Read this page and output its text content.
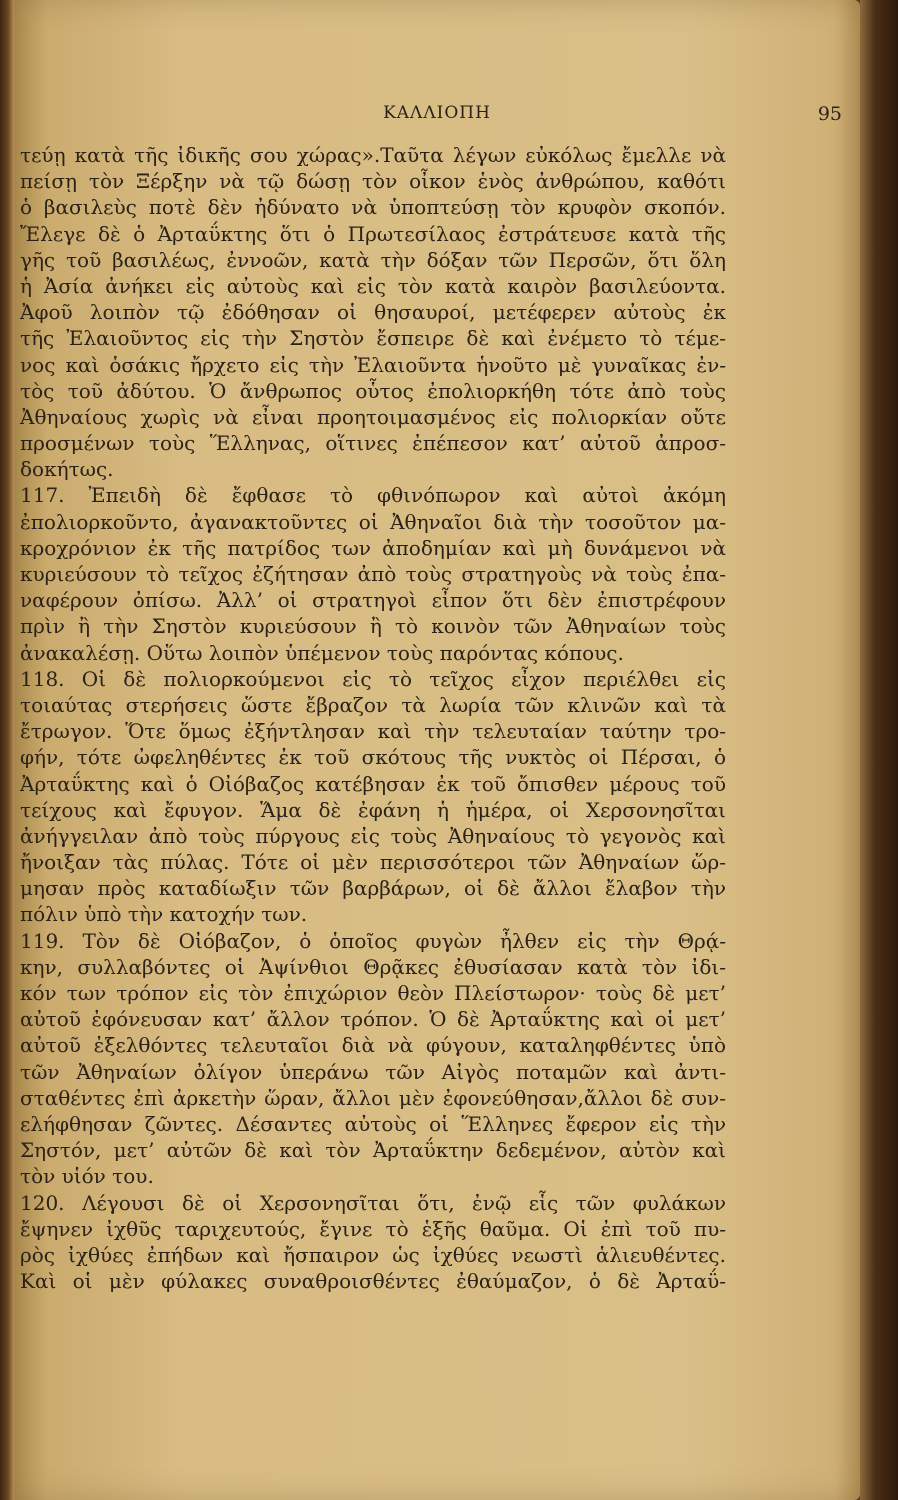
ΚΑΛΛΙΟΠΗ	95
τεύῃ κατὰ τῆς ἰδικῆς σου χώρας».Ταῦτα λέγων εὐκόλως ἔμελλε νὰ
πείσῃ τὸν Ξέρξην νὰ τῷ δώσῃ τὸν οἶκον ἑνὸς ἀνθρώπου, καθότι
ὁ βασιλεὺς ποτὲ δὲν ἠδύνατο νὰ ὑποπτεύσῃ τὸν κρυφὸν σκοπόν.
Ἔλεγε δὲ ὁ Ἀρταΰκτης ὅτι ὁ Πρωτεσίλαος ἐστράτευσε κατὰ τῆς
γῆς τοῦ βασιλέως, ἐννοῶν, κατὰ τὴν δόξαν τῶν Περσῶν, ὅτι ὅλη
ἡ Ἀσία ἀνήκει εἰς αὐτοὺς καὶ εἰς τὸν κατὰ καιρὸν βασιλεύοντα.
Ἀφοῦ λοιπὸν τῷ ἐδόθησαν οἱ θησαυροί, μετέφερεν αὐτοὺς ἐκ
τῆς Ἐλαιοῦντος εἰς τὴν Σηστὸν ἔσπειρε δὲ καὶ ἐνέμετο τὸ τέμε-
νος καὶ ὁσάκις ἤρχετο εἰς τὴν Ἐλαιοῦντα ἡνοῦτο μὲ γυναῖκας ἐν-
τὸς τοῦ ἀδύτου. Ὁ ἄνθρωπος οὗτος ἐπολιορκήθη τότε ἀπὸ τοὺς
Ἀθηναίους χωρὶς νὰ εἶναι προητοιμασμένος εἰς πολιορκίαν οὔτε
προσμένων τοὺς Ἕλληνας, οἵτινες ἐπέπεσον κατ’ αὐτοῦ ἀπροσ-
δοκήτως.
117. Ἐπειδὴ δὲ ἔφθασε τὸ φθινόπωρον καὶ αὐτοὶ ἀκόμη
ἐπολιορκοῦντο, ἀγανακτοῦντες οἱ Ἀθηναῖοι διὰ τὴν τοσοῦτον μα-
κροχρόνιον ἐκ τῆς πατρίδος των ἀποδημίαν καὶ μὴ δυνάμενοι νὰ
κυριεύσουν τὸ τεῖχος ἐζήτησαν ἀπὸ τοὺς στρατηγοὺς νὰ τοὺς ἐπα-
ναφέρουν ὀπίσω. Ἀλλ’ οἱ στρατηγοὶ εἶπον ὅτι δὲν ἐπιστρέφουν
πρὶν ἢ τὴν Σηστὸν κυριεύσουν ἢ τὸ κοινὸν τῶν Ἀθηναίων τοὺς
ἀνακαλέσῃ. Οὕτω λοιπὸν ὑπέμενον τοὺς παρόντας κόπους.
118. Οἱ δὲ πολιορκούμενοι εἰς τὸ τεῖχος εἶχον περιέλθει εἰς
τοιαύτας στερήσεις ὥστε ἔβραζον τὰ λωρία τῶν κλινῶν καὶ τὰ
ἔτρωγον. Ὅτε ὅμως ἐξήντλησαν καὶ τὴν τελευταίαν ταύτην τρο-
φήν, τότε ὠφεληθέντες ἐκ τοῦ σκότους τῆς νυκτὸς οἱ Πέρσαι, ὁ
Ἀρταΰκτης καὶ ὁ Οἰόβαζος κατέβησαν ἐκ τοῦ ὄπισθεν μέρους τοῦ
τείχους καὶ ἔφυγον. Ἅμα δὲ ἐφάνη ἡ ἡμέρα, οἱ Χερσονησῖται
ἀνήγγειλαν ἀπὸ τοὺς πύργους εἰς τοὺς Ἀθηναίους τὸ γεγονὸς καὶ
ἤνοιξαν τὰς πύλας. Τότε οἱ μὲν περισσότεροι τῶν Ἀθηναίων ὥρ-
μησαν πρὸς καταδίωξιν τῶν βαρβάρων, οἱ δὲ ἄλλοι ἔλαβον τὴν
πόλιν ὑπὸ τὴν κατοχήν των.
119. Τὸν δὲ Οἰόβαζον, ὁ ὁποῖος φυγὼν ἦλθεν εἰς τὴν Θρᾴ-
κην, συλλαβόντες οἱ Ἀψίνθιοι Θρᾷκες ἐθυσίασαν κατὰ τὸν ἰδι-
κόν των τρόπον εἰς τὸν ἐπιχώριον θεὸν Πλείστωρον· τοὺς δὲ μετ’
αὐτοῦ ἐφόνευσαν κατ’ ἄλλον τρόπον. Ὁ δὲ Ἀρταΰκτης καὶ οἱ μετ’
αὐτοῦ ἐξελθόντες τελευταῖοι διὰ νὰ φύγουν, καταληφθέντες ὑπὸ
τῶν Ἀθηναίων ὀλίγον ὑπεράνω τῶν Αἰγὸς ποταμῶν καὶ ἀντι-
σταθέντες ἐπὶ ἀρκετὴν ὥραν, ἄλλοι μὲν ἐφονεύθησαν,ἄλλοι δὲ συν-
ελήφθησαν ζῶντες. Δέσαντες αὐτοὺς οἱ Ἕλληνες ἔφερον εἰς τὴν
Σηστόν, μετ’ αὐτῶν δὲ καὶ τὸν Ἀρταΰκτην δεδεμένον, αὐτὸν καὶ
τὸν υἱόν του.
120. Λέγουσι δὲ οἱ Χερσονησῖται ὅτι, ἐνῷ εἷς τῶν φυλάκων
ἔψηνεν ἰχθῦς ταριχευτούς, ἔγινε τὸ ἑξῆς θαῦμα. Οἱ ἐπὶ τοῦ πυ-
ρὸς ἰχθύες ἐπήδων καὶ ἤσπαιρον ὡς ἰχθύες νεωστὶ ἁλιευθέντες.
Καὶ οἱ μὲν φύλακες συναθροισθέντες ἐθαύμαζον, ὁ δὲ Ἀρταΰ-
